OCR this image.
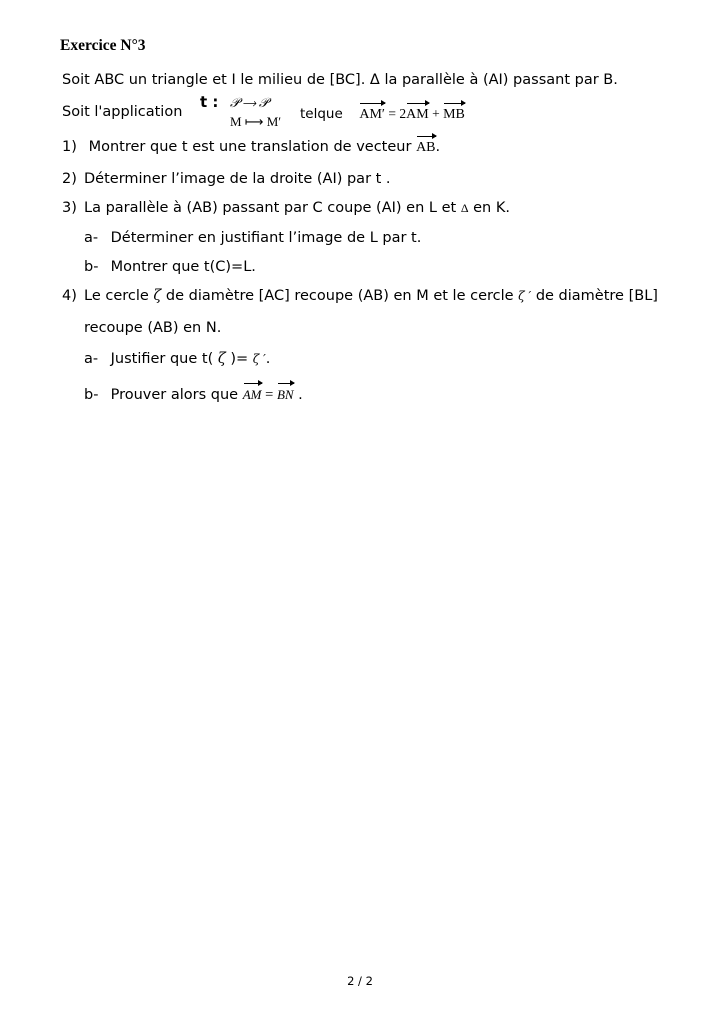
Exercice N°3
Soit ABC un triangle et I le milieu de [BC]. Δ la parallèle à (AI) passant par B.
Soit l'application
t : 𝒫 ⟶ 𝒫
M ⟼ M′ telque AM′ = 2AM + MB
1) Montrer que t est une translation de vecteur AB.
2) Déterminer l’image de la droite (AI) par t .
3) La parallèle à (AB) passant par C coupe (AI) en L et Δ en K.
a- Déterminer en justifiant l’image de L par t.
b- Montrer que t(C)=L.
4) Le cercle ζ de diamètre [AC] recoupe (AB) en M et le cercle ζ ′ de diamètre [BL]
recoupe (AB) en N.
a- Justifier que t( ζ )= ζ ′.
b- Prouver alors que AM = BN .
2 / 2
